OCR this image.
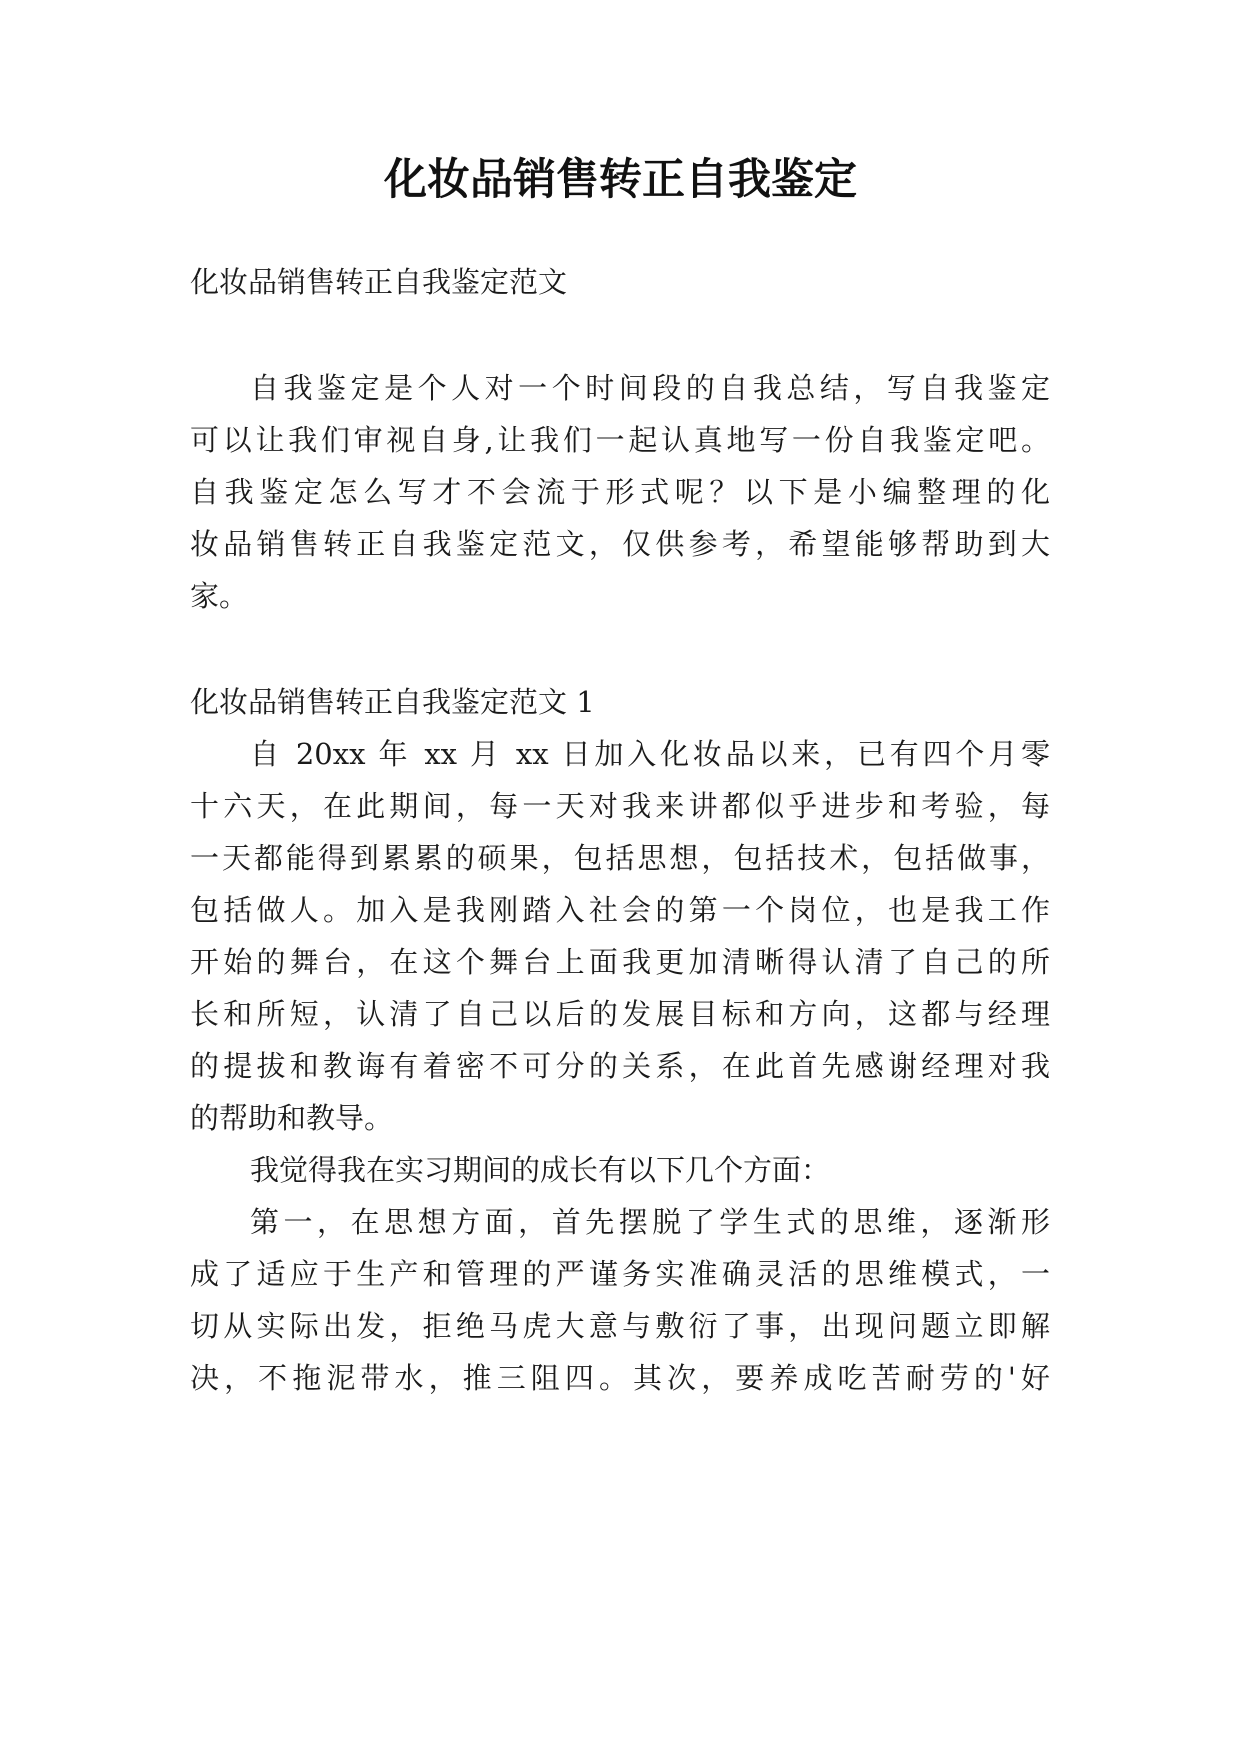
化妆品销售转正自我鉴定

化妆品销售转正自我鉴定范文

自我鉴定是个人对一个时间段的自我总结，写自我鉴定

可以让我们审视自身,让我们一起认真地写一份自我鉴定吧。

自我鉴定怎么写才不会流于形式呢？以下是小编整理的化

妆品销售转正自我鉴定范文，仅供参考，希望能够帮助到大

家。

化妆品销售转正自我鉴定范文 1

自 20xx 年 xx 月 xx 日加入化妆品以来，已有四个月零

十六天，在此期间，每一天对我来讲都似乎进步和考验，每

一天都能得到累累的硕果，包括思想，包括技术，包括做事，

包括做人。加入是我刚踏入社会的第一个岗位，也是我工作

开始的舞台，在这个舞台上面我更加清晰得认清了自己的所

长和所短，认清了自己以后的发展目标和方向，这都与经理

的提拔和教诲有着密不可分的关系，在此首先感谢经理对我

的帮助和教导。

我觉得我在实习期间的成长有以下几个方面：

第一，在思想方面，首先摆脱了学生式的思维，逐渐形

成了适应于生产和管理的严谨务实准确灵活的思维模式，一

切从实际出发，拒绝马虎大意与敷衍了事，出现问题立即解

决，不拖泥带水，推三阻四。其次，要养成吃苦耐劳的'好
